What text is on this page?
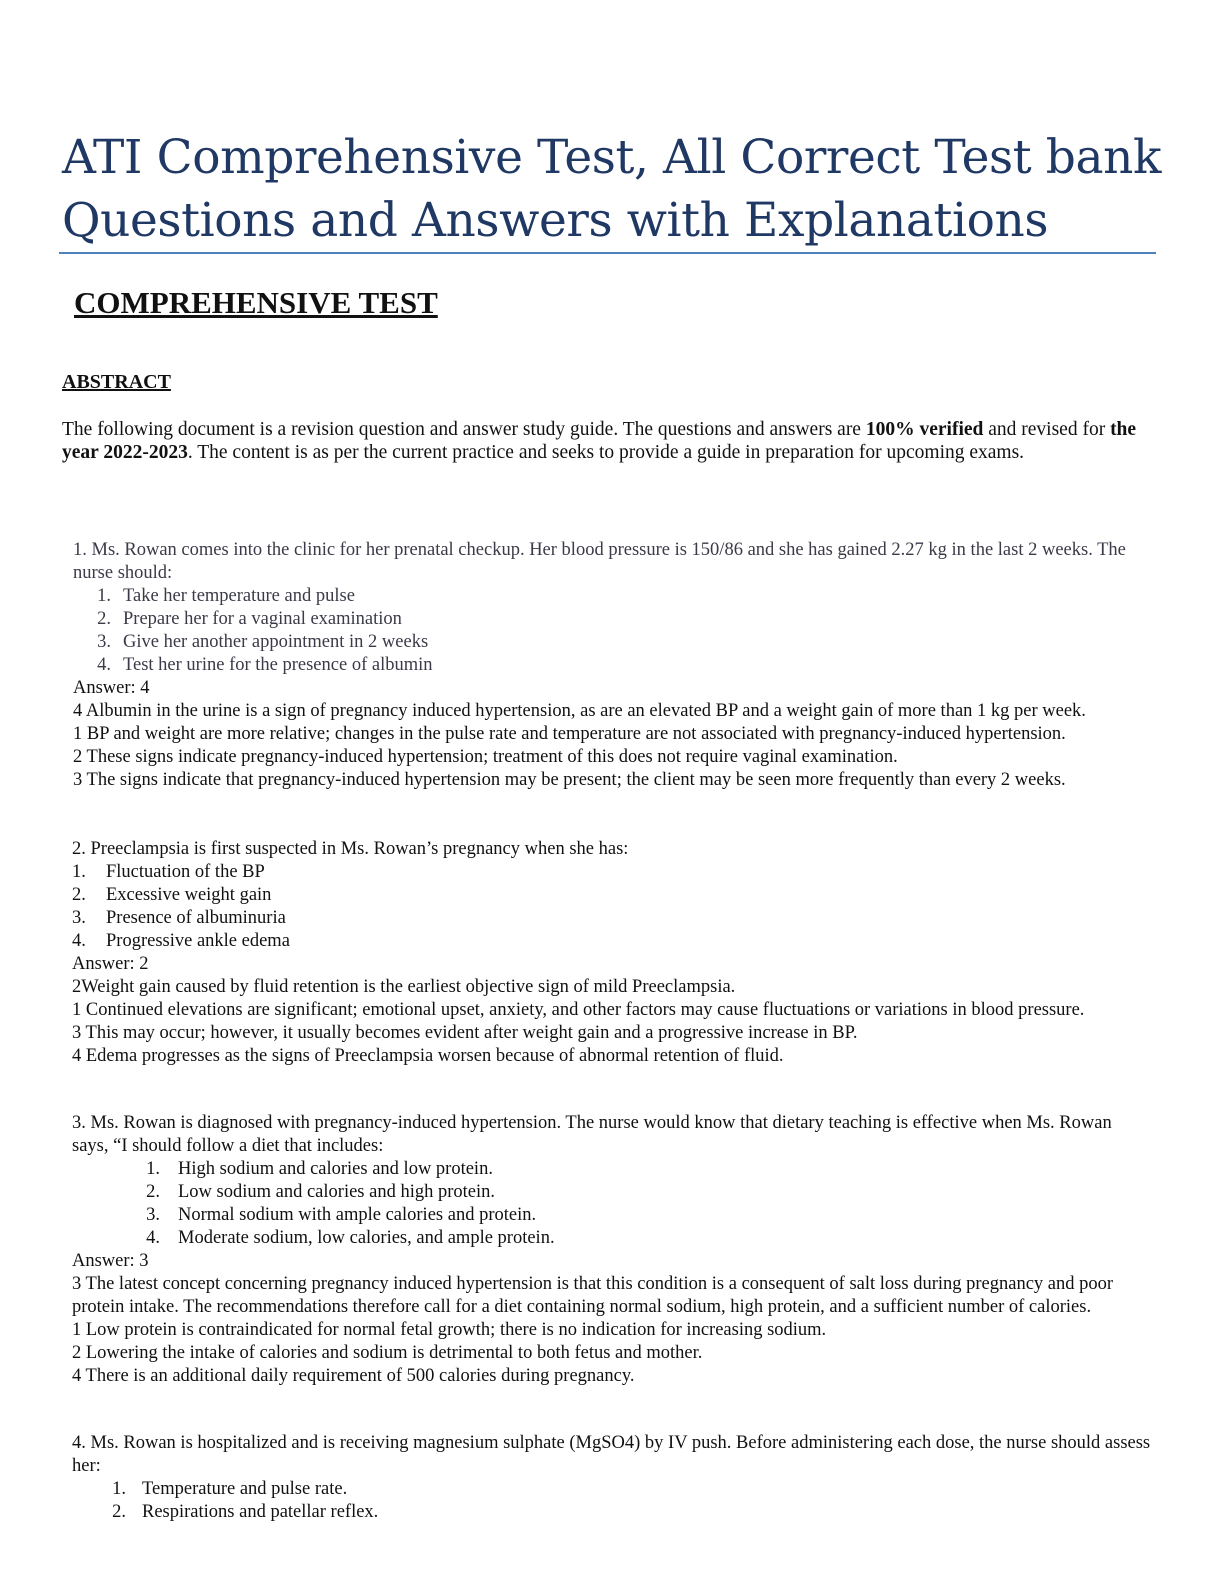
ATI Comprehensive Test, All Correct Test bank
Questions and Answers with Explanations
COMPREHENSIVE TEST
ABSTRACT
The following document is a revision question and answer study guide. The questions and answers are 100% verified and revised for the year 2022-2023. The content is as per the current practice and seeks to provide a guide in preparation for upcoming exams.

1. Ms. Rowan comes into the clinic for her prenatal checkup. Her blood pressure is 150/86 and she has gained 2.27 kg in the last 2 weeks. The nurse should:

1. Take her temperature and pulse
2. Prepare her for a vaginal examination
3. Give her another appointment in 2 weeks
4. Test her urine for the presence of albumin

Answer: 4

4 Albumin in the urine is a sign of pregnancy induced hypertension, as are an elevated BP and a weight gain of more than 1 kg per week.

1 BP and weight are more relative; changes in the pulse rate and temperature are not associated with pregnancy-induced hypertension.

2 These signs indicate pregnancy-induced hypertension; treatment of this does not require vaginal examination.

3 The signs indicate that pregnancy-induced hypertension may be present; the client may be seen more frequently than every 2 weeks.

2. Preeclampsia is first suspected in Ms. Rowan’s pregnancy when she has:

1. Fluctuation of the BP
2. Excessive weight gain
3. Presence of albuminuria
4. Progressive ankle edema

Answer: 2

2Weight gain caused by fluid retention is the earliest objective sign of mild Preeclampsia.

1 Continued elevations are significant; emotional upset, anxiety, and other factors may cause fluctuations or variations in blood pressure.

3 This may occur; however, it usually becomes evident after weight gain and a progressive increase in BP.

4 Edema progresses as the signs of Preeclampsia worsen because of abnormal retention of fluid.

3. Ms. Rowan is diagnosed with pregnancy-induced hypertension. The nurse would know that dietary teaching is effective when Ms. Rowan says, “I should follow a diet that includes:

1. High sodium and calories and low protein.
2. Low sodium and calories and high protein.
3. Normal sodium with ample calories and protein.
4. Moderate sodium, low calories, and ample protein.

Answer: 3

3 The latest concept concerning pregnancy induced hypertension is that this condition is a consequent of salt loss during pregnancy and poor protein intake. The recommendations therefore call for a diet containing normal sodium, high protein, and a sufficient number of calories.

1 Low protein is contraindicated for normal fetal growth; there is no indication for increasing sodium.

2 Lowering the intake of calories and sodium is detrimental to both fetus and mother.

4 There is an additional daily requirement of 500 calories during pregnancy.

4. Ms. Rowan is hospitalized and is receiving magnesium sulphate (MgSO4) by IV push. Before administering each dose, the nurse should assess her:

1. Temperature and pulse rate.
2. Respirations and patellar reflex.
